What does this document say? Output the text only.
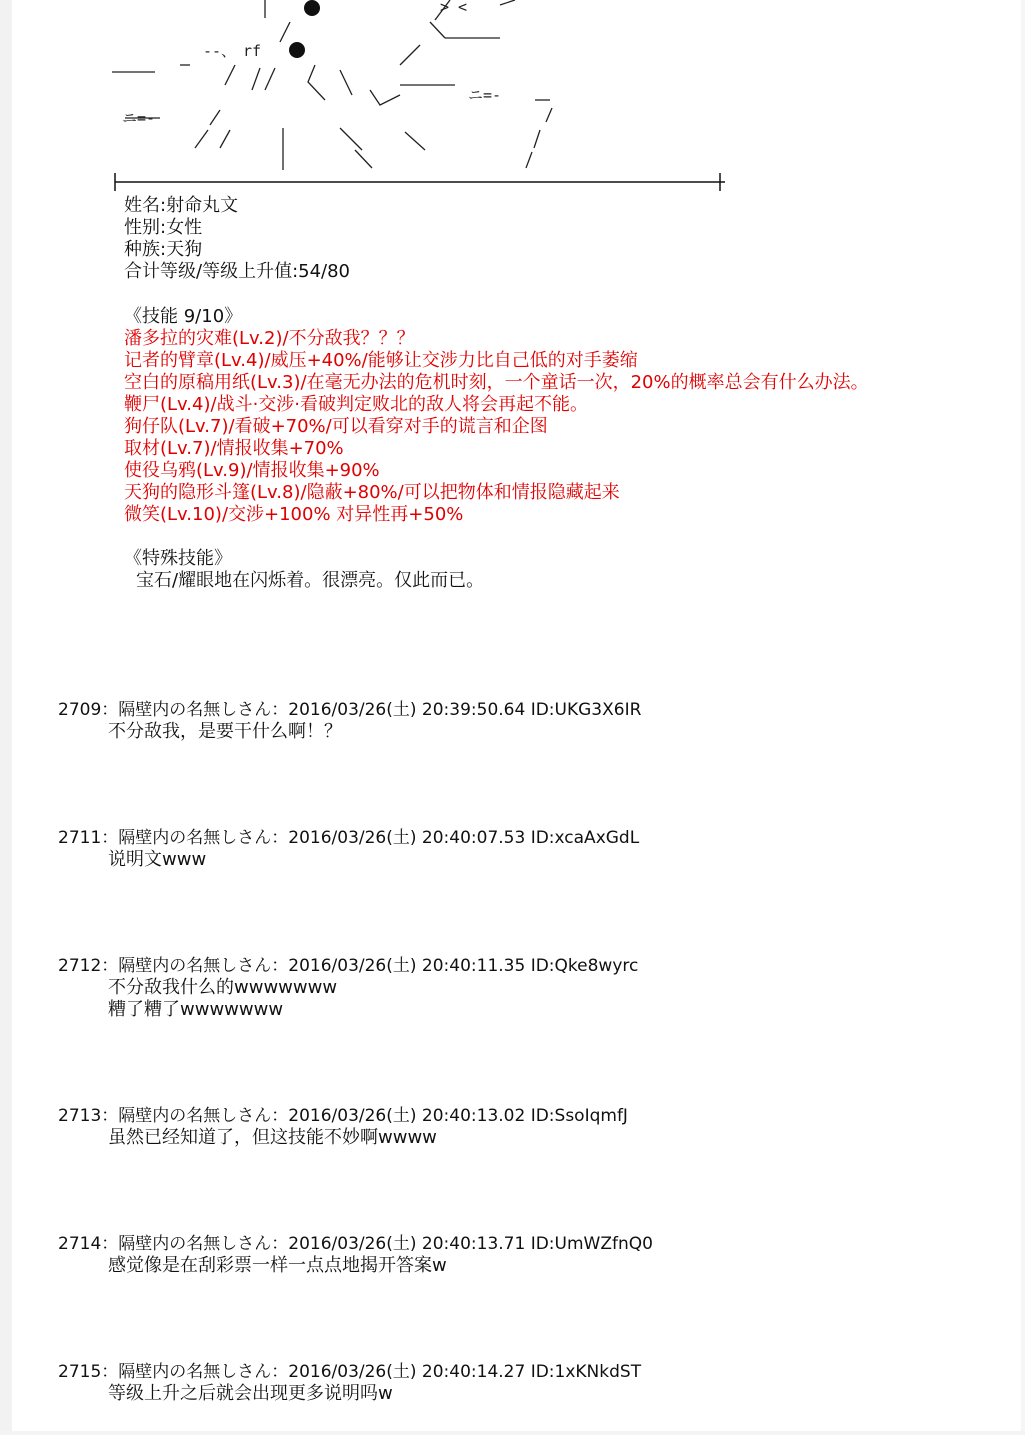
> <
--、 rf
ニ=-
ニ=-
姓名:射命丸文
性别:女性
种族:天狗
合计等级/等级上升值:54/80
《技能 9/10》
潘多拉的灾难(Lv.2)/不分敌我？？？
记者的臂章(Lv.4)/威压+40%/能够让交涉力比自己低的对手萎缩
空白的原稿用纸(Lv.3)/在毫无办法的危机时刻，一个童话一次，20%的概率总会有什么办法。
鞭尸(Lv.4)/战斗·交涉·看破判定败北的敌人将会再起不能。
狗仔队(Lv.7)/看破+70%/可以看穿对手的谎言和企图
取材(Lv.7)/情报收集+70%
使役乌鸦(Lv.9)/情报收集+90%
天狗的隐形斗篷(Lv.8)/隐蔽+80%/可以把物体和情报隐藏起来
微笑(Lv.10)/交涉+100% 对异性再+50%
《特殊技能》
宝石/耀眼地在闪烁着。很漂亮。仅此而已。
2709：隔壁内の名無しさん：2016/03/26(土) 20:39:50.64 ID:UKG3X6IR
不分敌我，是要干什么啊！？
2711：隔壁内の名無しさん：2016/03/26(土) 20:40:07.53 ID:xcaAxGdL
说明文www
2712：隔壁内の名無しさん：2016/03/26(土) 20:40:11.35 ID:Qke8wyrc
不分敌我什么的wwwwwww
糟了糟了wwwwwww
2713：隔壁内の名無しさん：2016/03/26(土) 20:40:13.02 ID:SsoIqmfJ
虽然已经知道了，但这技能不妙啊wwww
2714：隔壁内の名無しさん：2016/03/26(土) 20:40:13.71 ID:UmWZfnQ0
感觉像是在刮彩票一样一点点地揭开答案w
2715：隔壁内の名無しさん：2016/03/26(土) 20:40:14.27 ID:1xKNkdST
等级上升之后就会出现更多说明吗w
